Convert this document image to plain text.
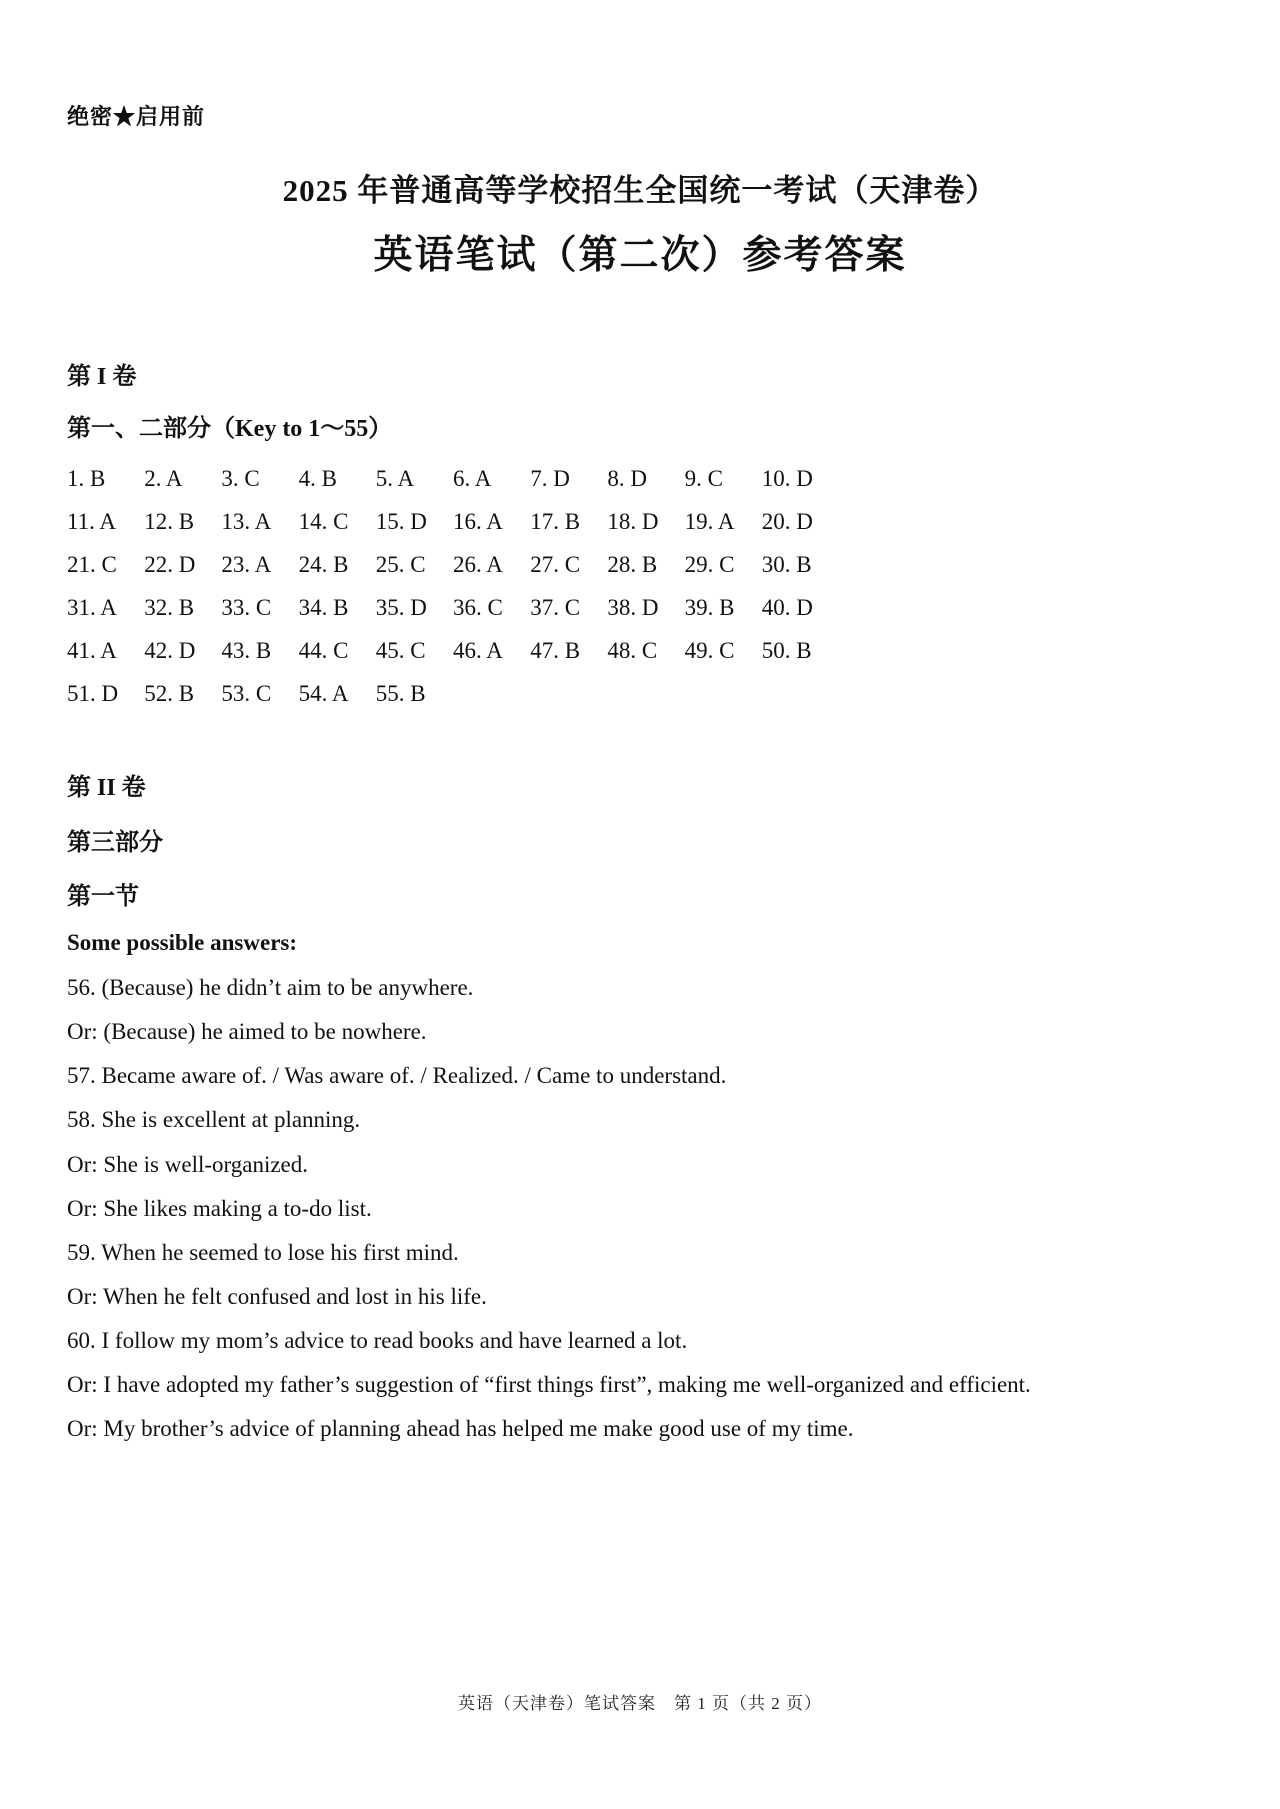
绝密★启用前
2025 年普通高等学校招生全国统一考试（天津卷）
英语笔试（第二次）参考答案
第 I 卷
第一、二部分（Key to 1～55）
1. B	2. A	3. C	4. B	5. A	6. A	7. D	8. D	9. C	10. D
11. A	12. B	13. A	14. C	15. D	16. A	17. B	18. D	19. A	20. D
21. C	22. D	23. A	24. B	25. C	26. A	27. C	28. B	29. C	30. B
31. A	32. B	33. C	34. B	35. D	36. C	37. C	38. D	39. B	40. D
41. A	42. D	43. B	44. C	45. C	46. A	47. B	48. C	49. C	50. B
51. D	52. B	53. C	54. A	55. B
第 II 卷
第三部分
第一节
Some possible answers:

56. (Because) he didn’t aim to be anywhere.

Or: (Because) he aimed to be nowhere.

57. Became aware of. / Was aware of. / Realized. / Came to understand.

58. She is excellent at planning.

Or: She is well-organized.

Or: She likes making a to-do list.

59. When he seemed to lose his first mind.

Or: When he felt confused and lost in his life.

60. I follow my mom’s advice to read books and have learned a lot.

Or: I have adopted my father’s suggestion of “first things first”, making me well-organized and efficient.

Or: My brother’s advice of planning ahead has helped me make good use of my time.

英语（天津卷）笔试答案　第 1 页（共 2 页）
